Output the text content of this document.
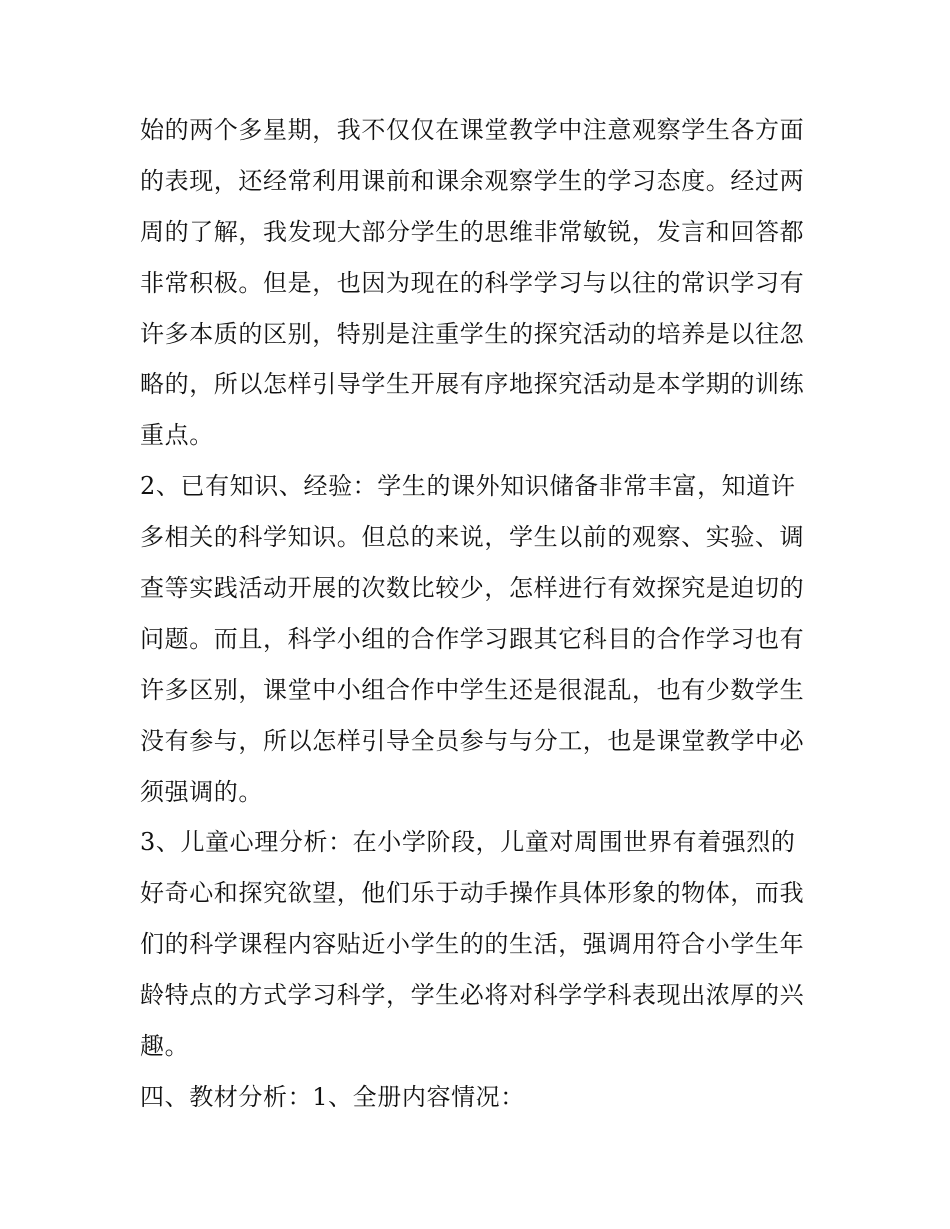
始的两个多星期，我不仅仅在课堂教学中注意观察学生各方面
的表现，还经常利用课前和课余观察学生的学习态度。经过两
周的了解，我发现大部分学生的思维非常敏锐，发言和回答都
非常积极。但是，也因为现在的科学学习与以往的常识学习有
许多本质的区别，特别是注重学生的探究活动的培养是以往忽
略的，所以怎样引导学生开展有序地探究活动是本学期的训练
重点。
2、已有知识、经验：学生的课外知识储备非常丰富，知道许
多相关的科学知识。但总的来说，学生以前的观察、实验、调
查等实践活动开展的次数比较少，怎样进行有效探究是迫切的
问题。而且，科学小组的合作学习跟其它科目的合作学习也有
许多区别，课堂中小组合作中学生还是很混乱，也有少数学生
没有参与，所以怎样引导全员参与与分工，也是课堂教学中必
须强调的。
3、儿童心理分析：在小学阶段，儿童对周围世界有着强烈的
好奇心和探究欲望，他们乐于动手操作具体形象的物体，而我
们的科学课程内容贴近小学生的的生活，强调用符合小学生年
龄特点的方式学习科学，学生必将对科学学科表现出浓厚的兴
趣。
四、教材分析：1、全册内容情况：
